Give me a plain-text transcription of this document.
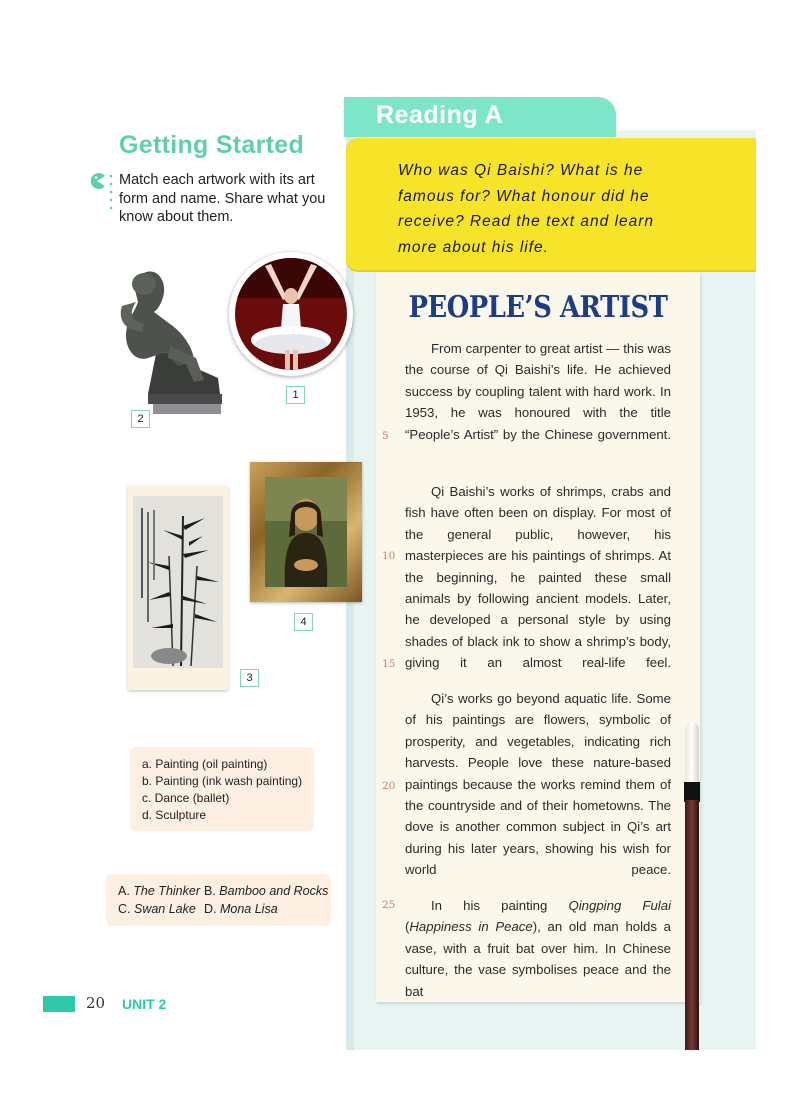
Reading A

Who was Qi Baishi? What is he famous for? What honour did he receive? Read the text and learn more about his life.

PEOPLE’S ARTIST

From carpenter to great artist — this was the course of Qi Baishi’s life. He achieved success by coupling talent with hard work. In 1953, he was honoured with the title “People’s Artist” by the Chinese government.

Qi Baishi’s works of shrimps, crabs and fish have often been on display. For most of the general public, however, his masterpieces are his paintings of shrimps. At the beginning, he painted these small animals by following ancient models. Later, he developed a personal style by using shades of black ink to show a shrimp’s body, giving it an almost real-life feel.

Qi’s works go beyond aquatic life. Some of his paintings are flowers, symbolic of prosperity, and vegetables, indicating rich harvests. People love these nature-based paintings because the works remind them of the countryside and of their hometowns. The dove is another common subject in Qi’s art during his later years, showing his wish for world peace.

In his painting Qingping Fulai (Happiness in Peace), an old man holds a vase, with a fruit bat over him. In Chinese culture, the vase symbolises peace and the bat

5
10
15
20
25
Getting Started

Match each artwork with its art form and name. Share what you know about them.

1
2
4
3
a. Painting (oil painting)
b. Painting (ink wash painting)
c. Dance (ballet)
d. Sculpture
A. The Thinker B. Bamboo and Rocks
C. Swan Lake D. Mona Lisa
20 UNIT 2
